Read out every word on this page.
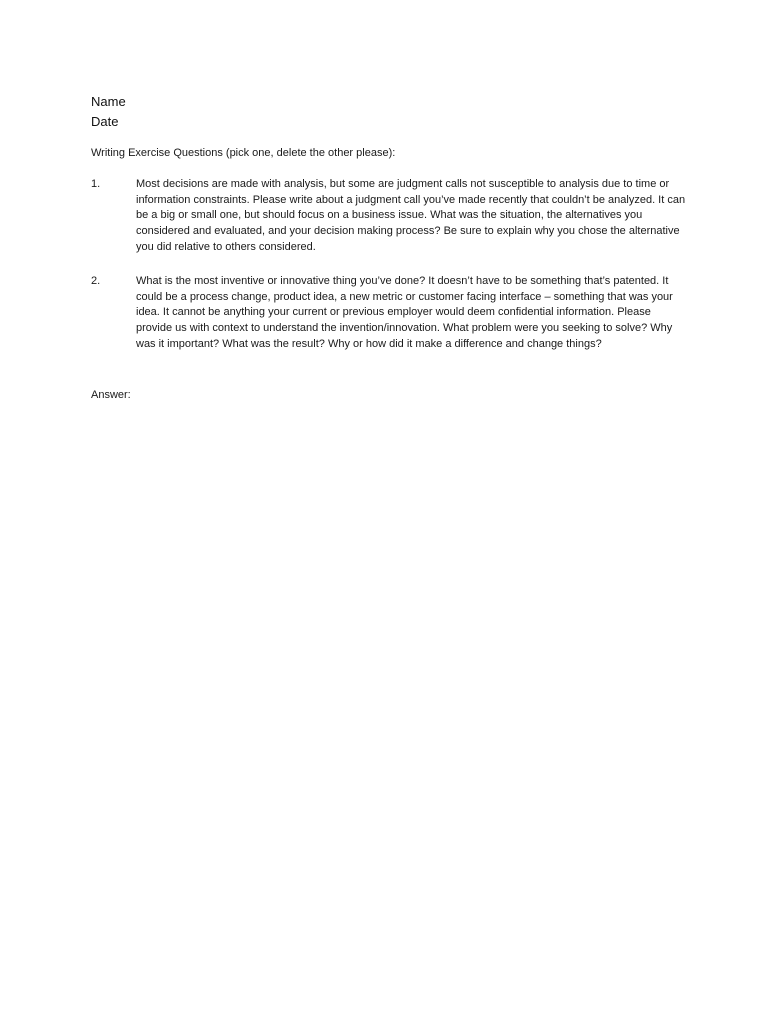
Name
Date
Writing Exercise Questions (pick one, delete the other please):
1.	Most decisions are made with analysis, but some are judgment calls not susceptible to analysis due to time or information constraints. Please write about a judgment call you’ve made recently that couldn’t be analyzed. It can be a big or small one, but should focus on a business issue. What was the situation, the alternatives you considered and evaluated, and your decision making process? Be sure to explain why you chose the alternative you did relative to others considered.
2.	What is the most inventive or innovative thing you’ve done? It doesn’t have to be something that’s patented. It could be a process change, product idea, a new metric or customer facing interface – something that was your idea. It cannot be anything your current or previous employer would deem confidential information. Please provide us with context to understand the invention/innovation. What problem were you seeking to solve? Why was it important? What was the result? Why or how did it make a difference and change things?
Answer:
